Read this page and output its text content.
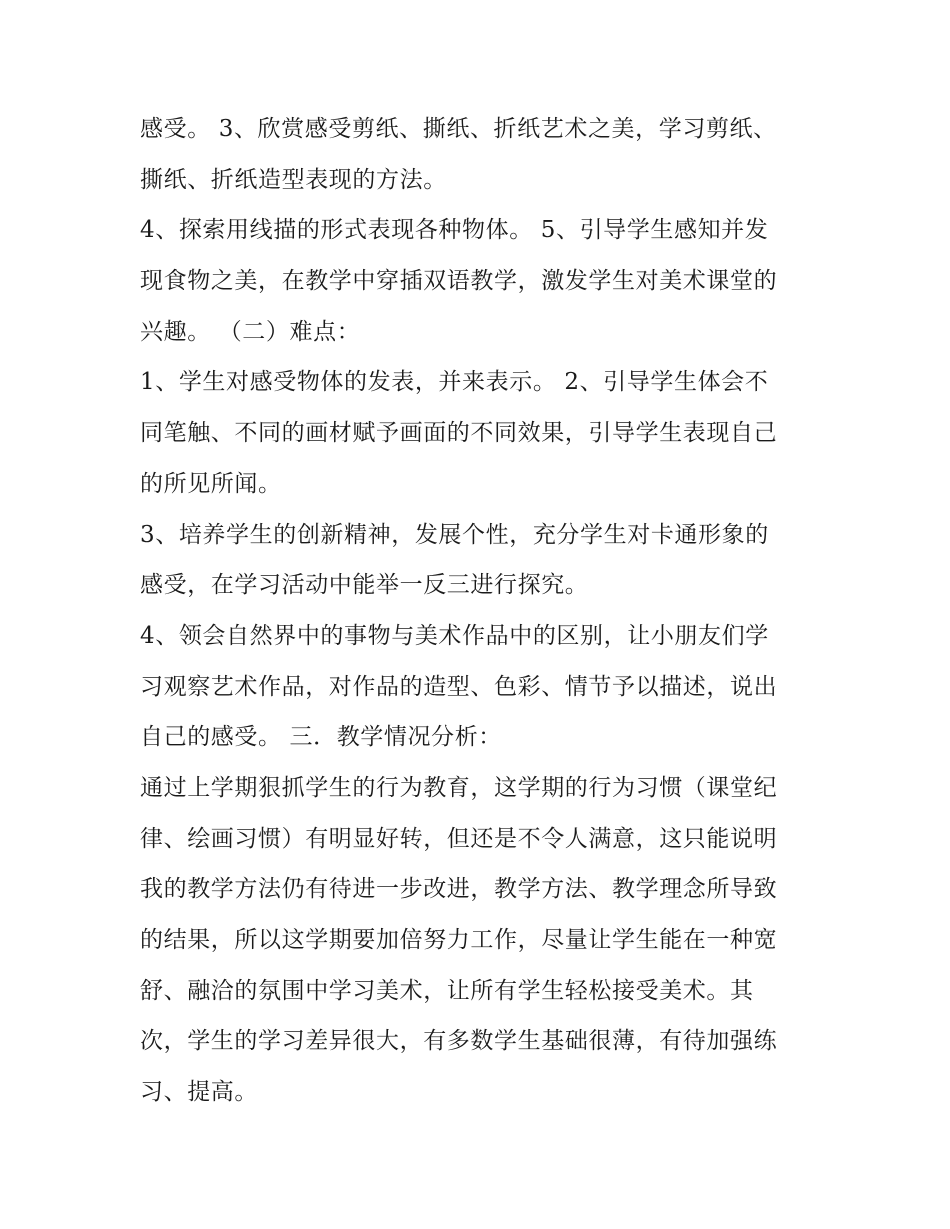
感受。 3、欣赏感受剪纸、撕纸、折纸艺术之美，学习剪纸、
撕纸、折纸造型表现的方法。
4、探索用线描的形式表现各种物体。 5、引导学生感知并发
现食物之美，在教学中穿插双语教学，激发学生对美术课堂的
兴趣。 （二）难点：
1、学生对感受物体的发表，并来表示。 2、引导学生体会不
同笔触、不同的画材赋予画面的不同效果，引导学生表现自己
的所见所闻。
3、培养学生的创新精神，发展个性，充分学生对卡通形象的
感受，在学习活动中能举一反三进行探究。
4、领会自然界中的事物与美术作品中的区别，让小朋友们学
习观察艺术作品，对作品的造型、色彩、情节予以描述，说出
自己的感受。 三．教学情况分析：
通过上学期狠抓学生的行为教育，这学期的行为习惯（课堂纪
律、绘画习惯）有明显好转，但还是不令人满意，这只能说明
我的教学方法仍有待进一步改进，教学方法、教学理念所导致
的结果，所以这学期要加倍努力工作，尽量让学生能在一种宽
舒、融洽的氛围中学习美术，让所有学生轻松接受美术。其
次，学生的学习差异很大，有多数学生基础很薄，有待加强练
习、提高。
